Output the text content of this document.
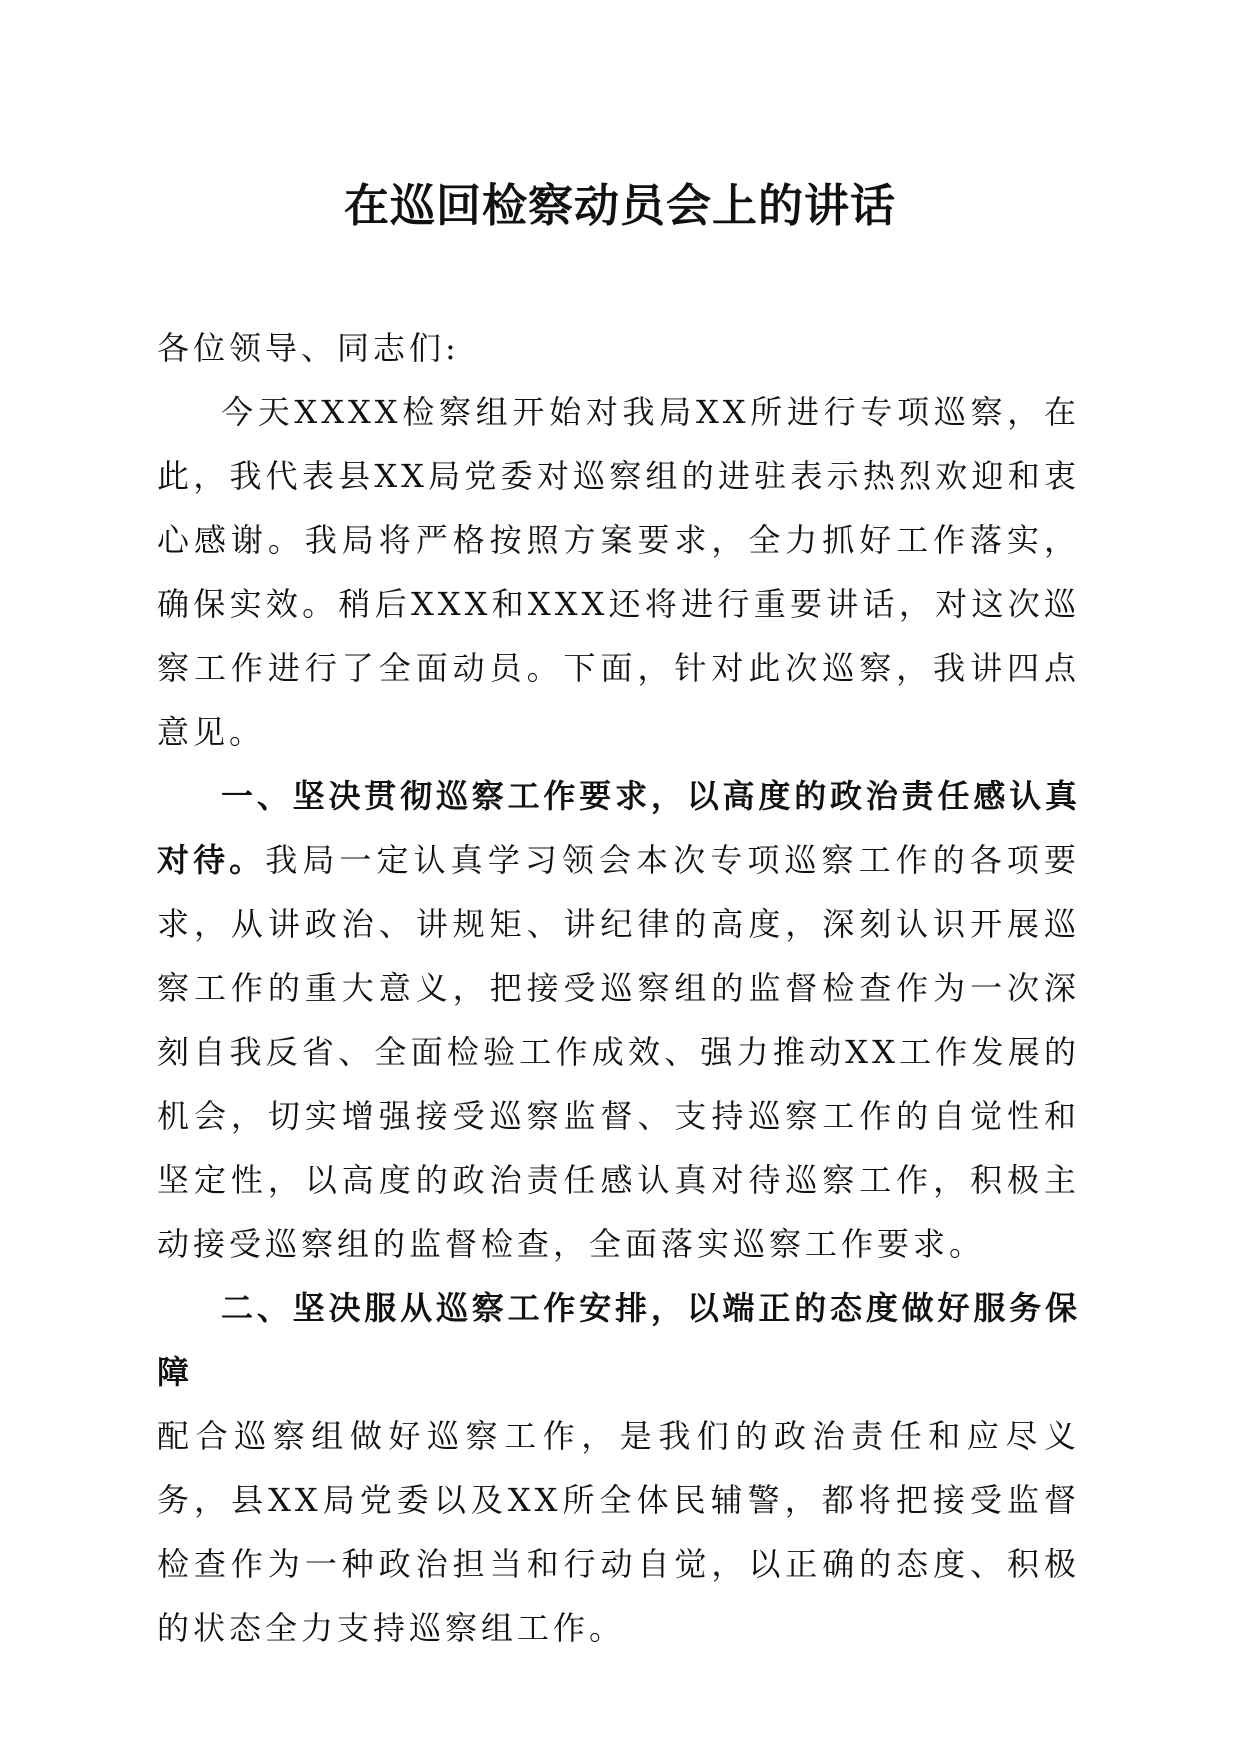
在巡回检察动员会上的讲话

各位领导、同志们:

今天XXXX检察组开始对我局XX所进行专项巡察，在此，我代表县XX局党委对巡察组的进驻表示热烈欢迎和衷心感谢。我局将严格按照方案要求，全力抓好工作落实，确保实效。稍后XXX和XXX还将进行重要讲话，对这次巡察工作进行了全面动员。下面，针对此次巡察，我讲四点意见。

一、坚决贯彻巡察工作要求，以高度的政治责任感认真对待。我局一定认真学习领会本次专项巡察工作的各项要求，从讲政治、讲规矩、讲纪律的高度，深刻认识开展巡察工作的重大意义，把接受巡察组的监督检查作为一次深刻自我反省、全面检验工作成效、强力推动XX工作发展的机会，切实增强接受巡察监督、支持巡察工作的自觉性和坚定性，以高度的政治责任感认真对待巡察工作，积极主动接受巡察组的监督检查，全面落实巡察工作要求。

二、坚决服从巡察工作安排，以端正的态度做好服务保障

配合巡察组做好巡察工作，是我们的政治责任和应尽义务，县XX局党委以及XX所全体民辅警，都将把接受监督检查作为一种政治担当和行动自觉，以正确的态度、积极的状态全力支持巡察组工作。
